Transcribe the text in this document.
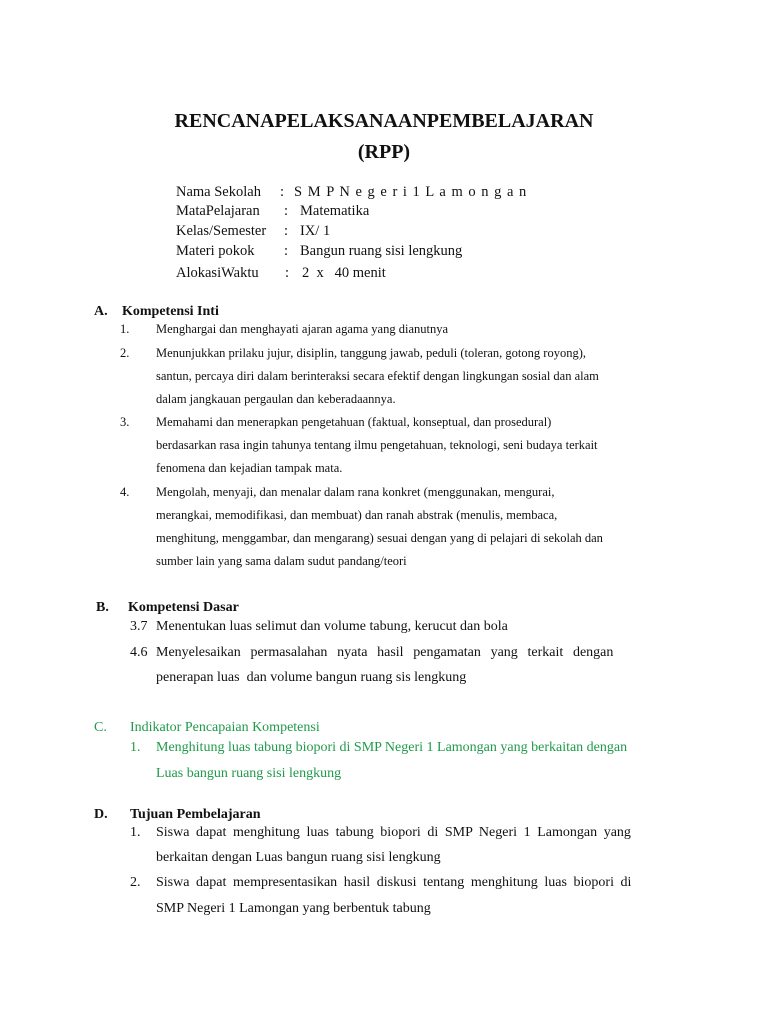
RENCANAPELAKSANAANPEMBELAJARAN
(RPP)
Nama Sekolah : S M P N e g e r i 1 L a m o n g a n
MataPelajaran : Matematika
Kelas/Semester : IX/ 1
Materi pokok : Bangun ruang sisi lengkung
AlokasiWaktu : 2  x   40 menit
A. Kompetensi Inti
1. Menghargai dan menghayati ajaran agama yang dianutnya
2. Menunjukkan prilaku jujur, disiplin, tanggung jawab, peduli (toleran, gotong royong),
santun, percaya diri dalam berinteraksi secara efektif dengan lingkungan sosial dan alam
dalam jangkauan pergaulan dan keberadaannya.
3. Memahami dan menerapkan pengetahuan (faktual, konseptual, dan prosedural)
berdasarkan rasa ingin tahunya tentang ilmu pengetahuan, teknologi, seni budaya terkait
fenomena dan kejadian tampak mata.
4. Mengolah, menyaji, dan menalar dalam rana konkret (menggunakan, mengurai,
merangkai, memodifikasi, dan membuat) dan ranah abstrak (menulis, membaca,
menghitung, menggambar, dan mengarang) sesuai dengan yang di pelajari di sekolah dan
sumber lain yang sama dalam sudut pandang/teori
B. Kompetensi Dasar
3.7 Menentukan luas selimut dan volume tabung, kerucut dan bola
4.6 Menyelesaikan permasalahan nyata hasil pengamatan yang terkait dengan
penerapan luas  dan volume bangun ruang sis lengkung
C. Indikator Pencapaian Kompetensi
1. Menghitung luas tabung biopori di SMP Negeri 1 Lamongan yang berkaitan dengan
Luas bangun ruang sisi lengkung
D. Tujuan Pembelajaran
1. Siswa dapat menghitung luas tabung biopori di SMP Negeri 1 Lamongan yang
berkaitan dengan Luas bangun ruang sisi lengkung
2. Siswa dapat mempresentasikan hasil diskusi tentang menghitung luas biopori di
SMP Negeri 1 Lamongan yang berbentuk tabung
